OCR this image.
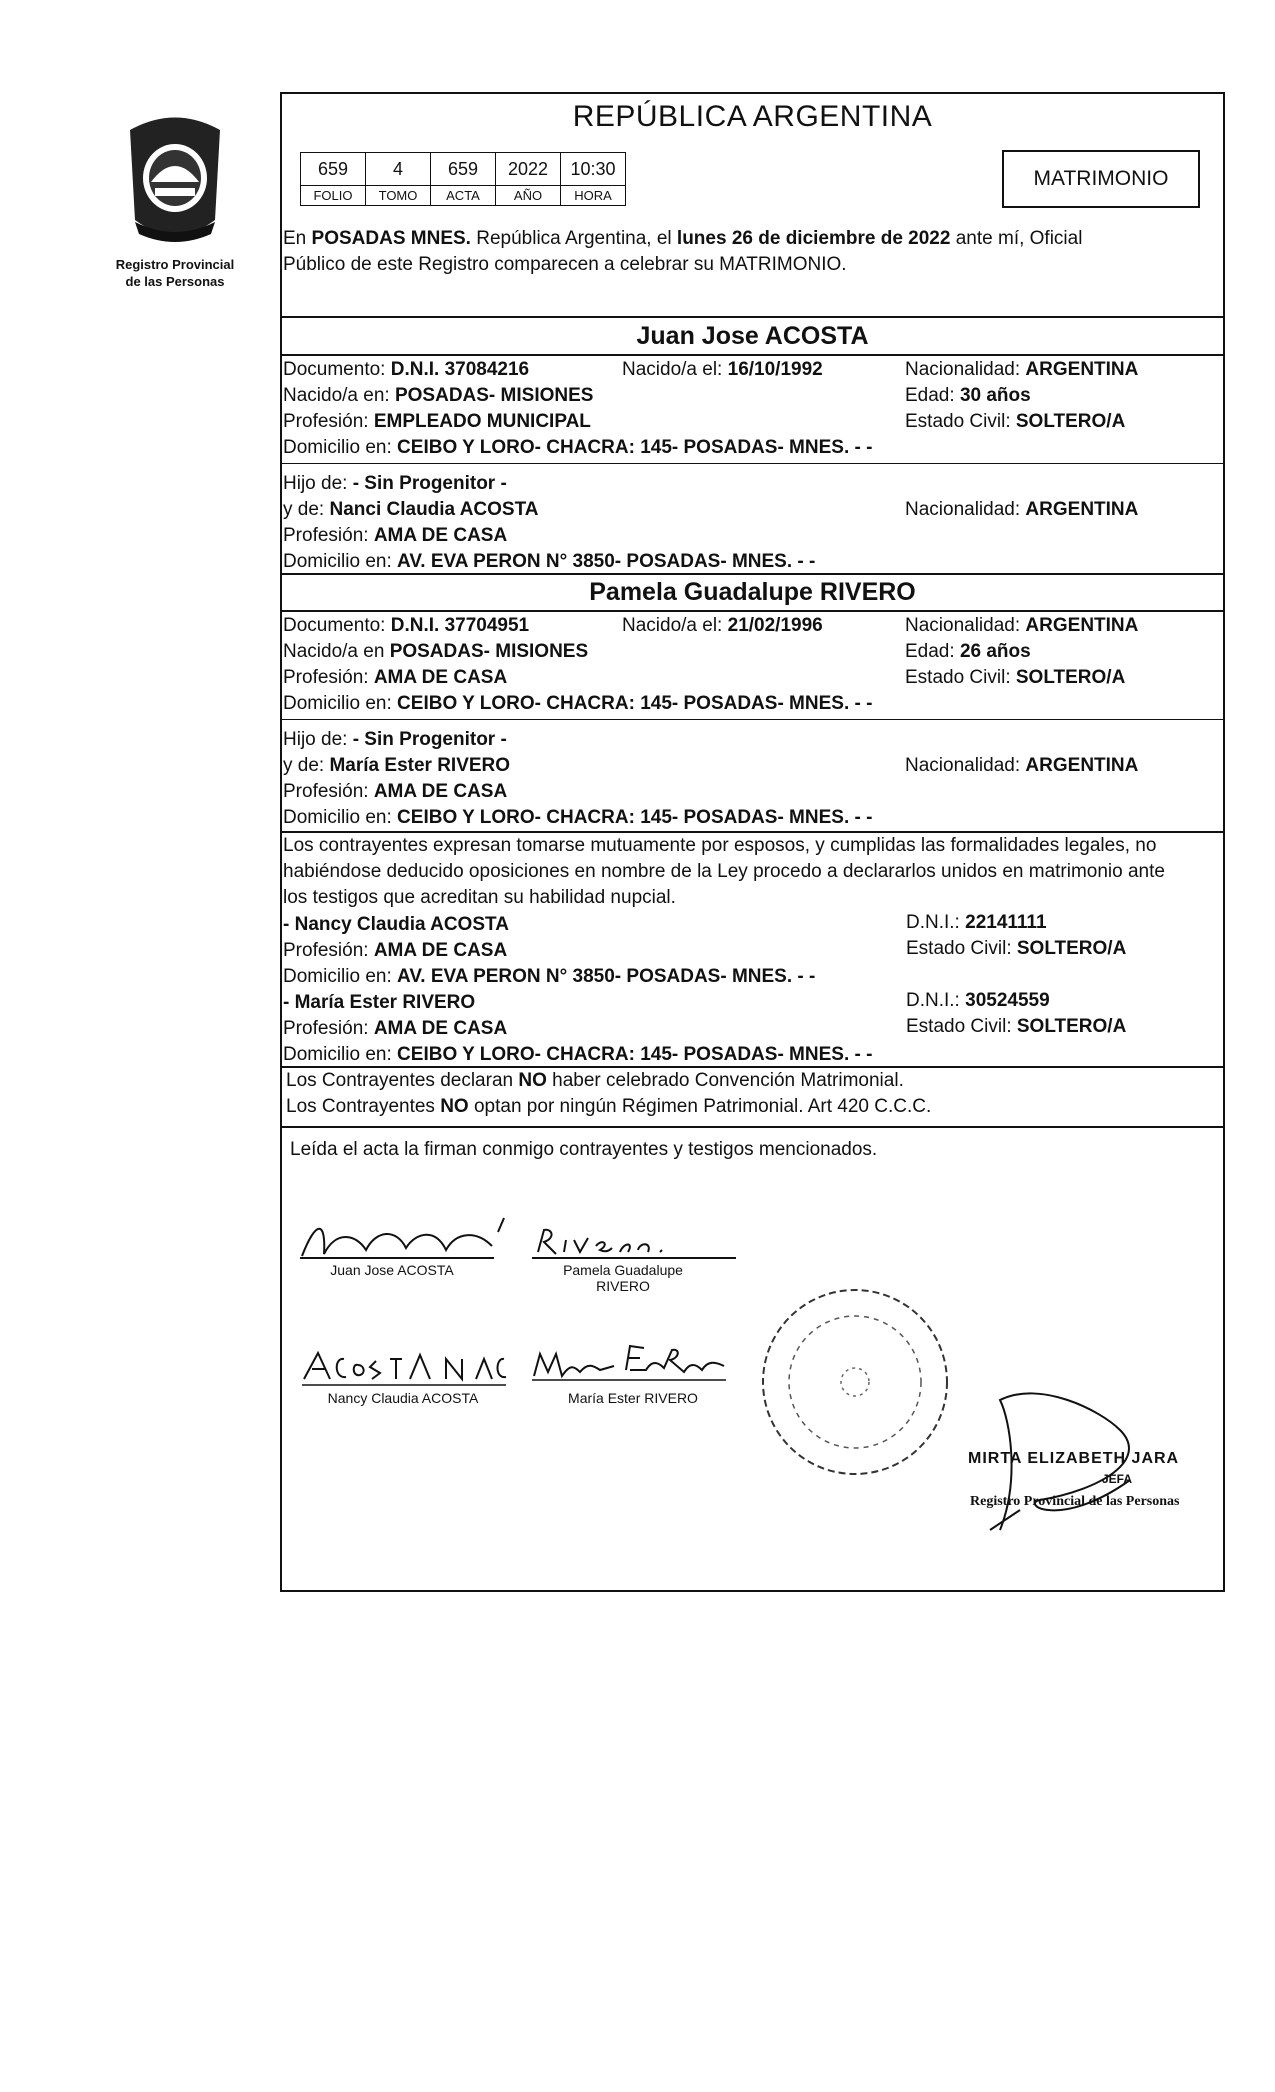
Registro Provincial
de las Personas
REPÚBLICA ARGENTINA
659	4	659	2022	10:30
FOLIO	TOMO	ACTA	AÑO	HORA
MATRIMONIO
En POSADAS MNES. República Argentina, el lunes 26 de diciembre de 2022 ante mí, Oficial
Público de este Registro comparecen a celebrar su MATRIMONIO.
Juan Jose ACOSTA
Documento: D.N.I. 37084216	Nacido/a el: 16/10/1992	Nacionalidad: ARGENTINA
Nacido/a en: POSADAS- MISIONES	Edad: 30 años
Profesión: EMPLEADO MUNICIPAL	Estado Civil: SOLTERO/A
Domicilio en: CEIBO Y LORO- CHACRA: 145- POSADAS- MNES. - -
Hijo de: - Sin Progenitor -
y de: Nanci Claudia ACOSTA	Nacionalidad: ARGENTINA
Profesión: AMA DE CASA
Domicilio en: AV. EVA PERON N° 3850- POSADAS- MNES. - -
Pamela Guadalupe RIVERO
Documento: D.N.I. 37704951	Nacido/a el: 21/02/1996	Nacionalidad: ARGENTINA
Nacido/a en POSADAS- MISIONES	Edad: 26 años
Profesión: AMA DE CASA	Estado Civil: SOLTERO/A
Domicilio en: CEIBO Y LORO- CHACRA: 145- POSADAS- MNES. - -
Hijo de: - Sin Progenitor -
y de: María Ester RIVERO	Nacionalidad: ARGENTINA
Profesión: AMA DE CASA
Domicilio en: CEIBO Y LORO- CHACRA: 145- POSADAS- MNES. - -
Los contrayentes expresan tomarse mutuamente por esposos, y cumplidas las formalidades legales, no
habiéndose deducido oposiciones en nombre de la Ley procedo a declararlos unidos en matrimonio ante
los testigos que acreditan su habilidad nupcial.
- Nancy Claudia ACOSTA	D.N.I.: 22141111
Profesión: AMA DE CASA	Estado Civil: SOLTERO/A
Domicilio en: AV. EVA PERON N° 3850- POSADAS- MNES. - -
- María Ester RIVERO	D.N.I.: 30524559
Profesión: AMA DE CASA	Estado Civil: SOLTERO/A
Domicilio en: CEIBO Y LORO- CHACRA: 145- POSADAS- MNES. - -
Los Contrayentes declaran NO haber celebrado Convención Matrimonial.
Los Contrayentes NO optan por ningún Régimen Patrimonial. Art 420 C.C.C.
Leída el acta la firman conmigo contrayentes y testigos mencionados.
Juan Jose ACOSTA	Pamela Guadalupe
RIVERO
Nancy Claudia ACOSTA	María Ester RIVERO
MIRTA ELIZABETH JARA
JEFA
Registro Provincial de las Personas
